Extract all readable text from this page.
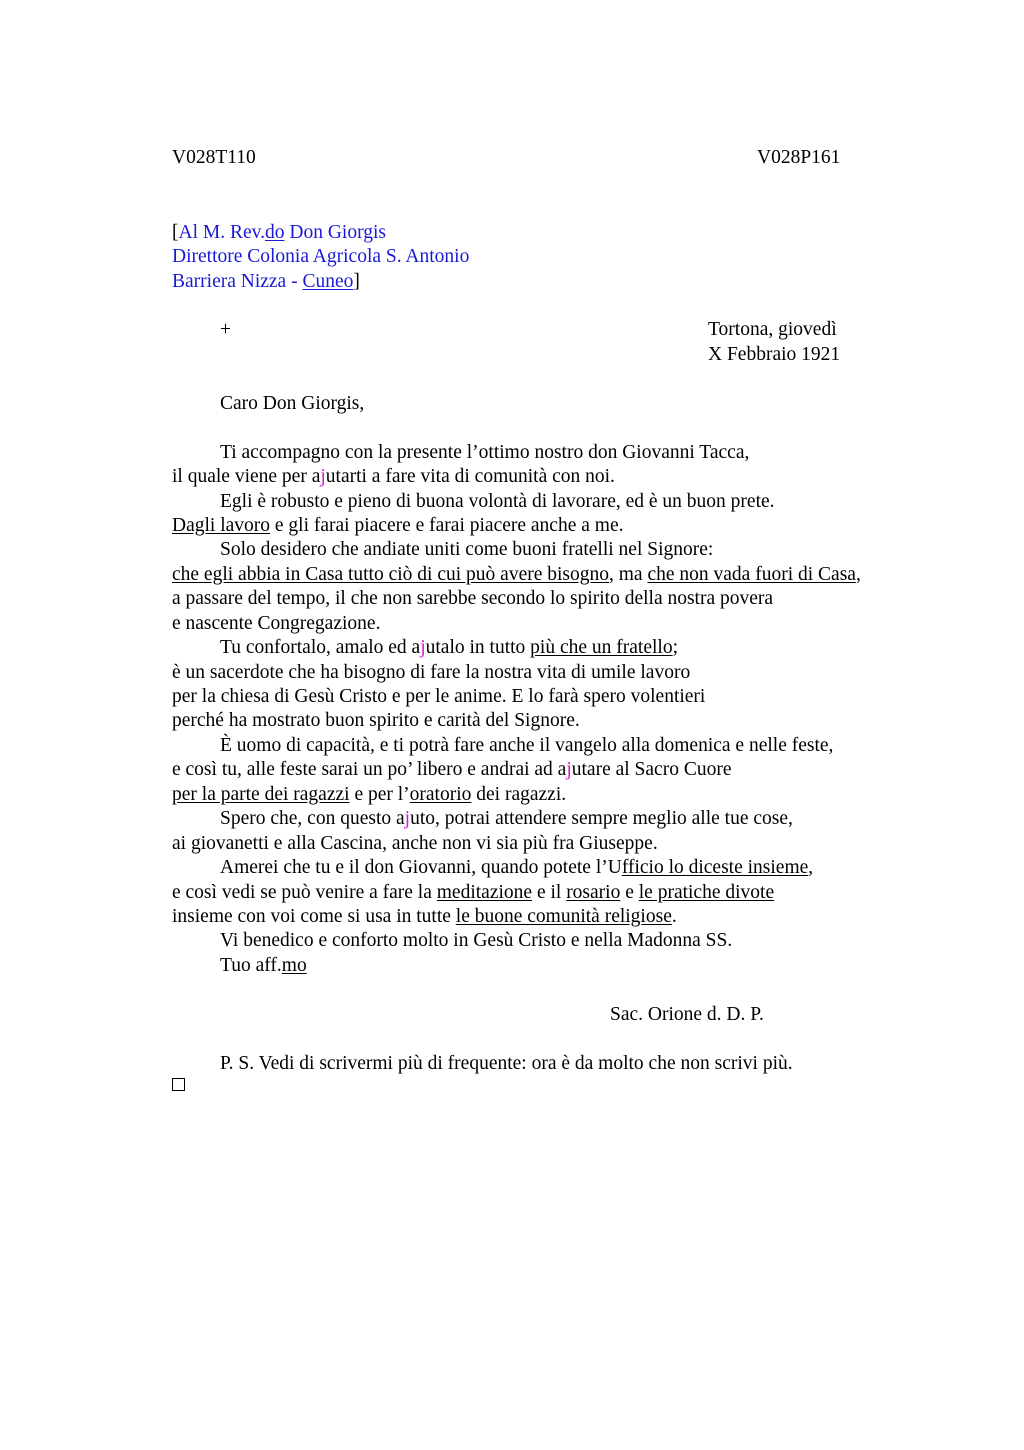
V028T110	V028P161
[Al M. Rev.do Don Giorgis
Direttore Colonia Agricola S. Antonio
Barriera Nizza - Cuneo]
+	Tortona, giovedì
X Febbraio 1921
Caro Don Giorgis,
Ti accompagno con la presente l’ottimo nostro don Giovanni Tacca,
il quale viene per ajutarti a fare vita di comunità con noi.
Egli è robusto e pieno di buona volontà di lavorare, ed è un buon prete.
Dagli lavoro e gli farai piacere e farai piacere anche a me.
Solo desidero che andiate uniti come buoni fratelli nel Signore:
che egli abbia in Casa tutto ciò di cui può avere bisogno, ma che non vada fuori di Casa,
a passare del tempo, il che non sarebbe secondo lo spirito della nostra povera
e nascente Congregazione.
Tu confortalo, amalo ed ajutalo in tutto più che un fratello;
è un sacerdote che ha bisogno di fare la nostra vita di umile lavoro
per la chiesa di Gesù Cristo e per le anime. E lo farà spero volentieri
perché ha mostrato buon spirito e carità del Signore.
È uomo di capacità, e ti potrà fare anche il vangelo alla domenica e nelle feste,
e così tu, alle feste sarai un po’ libero e andrai ad ajutare al Sacro Cuore
per la parte dei ragazzi e per l’oratorio dei ragazzi.
Spero che, con questo ajuto, potrai attendere sempre meglio alle tue cose,
ai giovanetti e alla Cascina, anche non vi sia più fra Giuseppe.
Amerei che tu e il don Giovanni, quando potete l’Ufficio lo diceste insieme,
e così vedi se può venire a fare la meditazione e il rosario e le pratiche divote
insieme con voi come si usa in tutte le buone comunità religiose.
Vi benedico e conforto molto in Gesù Cristo e nella Madonna SS.
Tuo aff.mo
Sac. Orione d. D. P.
P. S. Vedi di scrivermi più di frequente: ora è da molto che non scrivi più.
